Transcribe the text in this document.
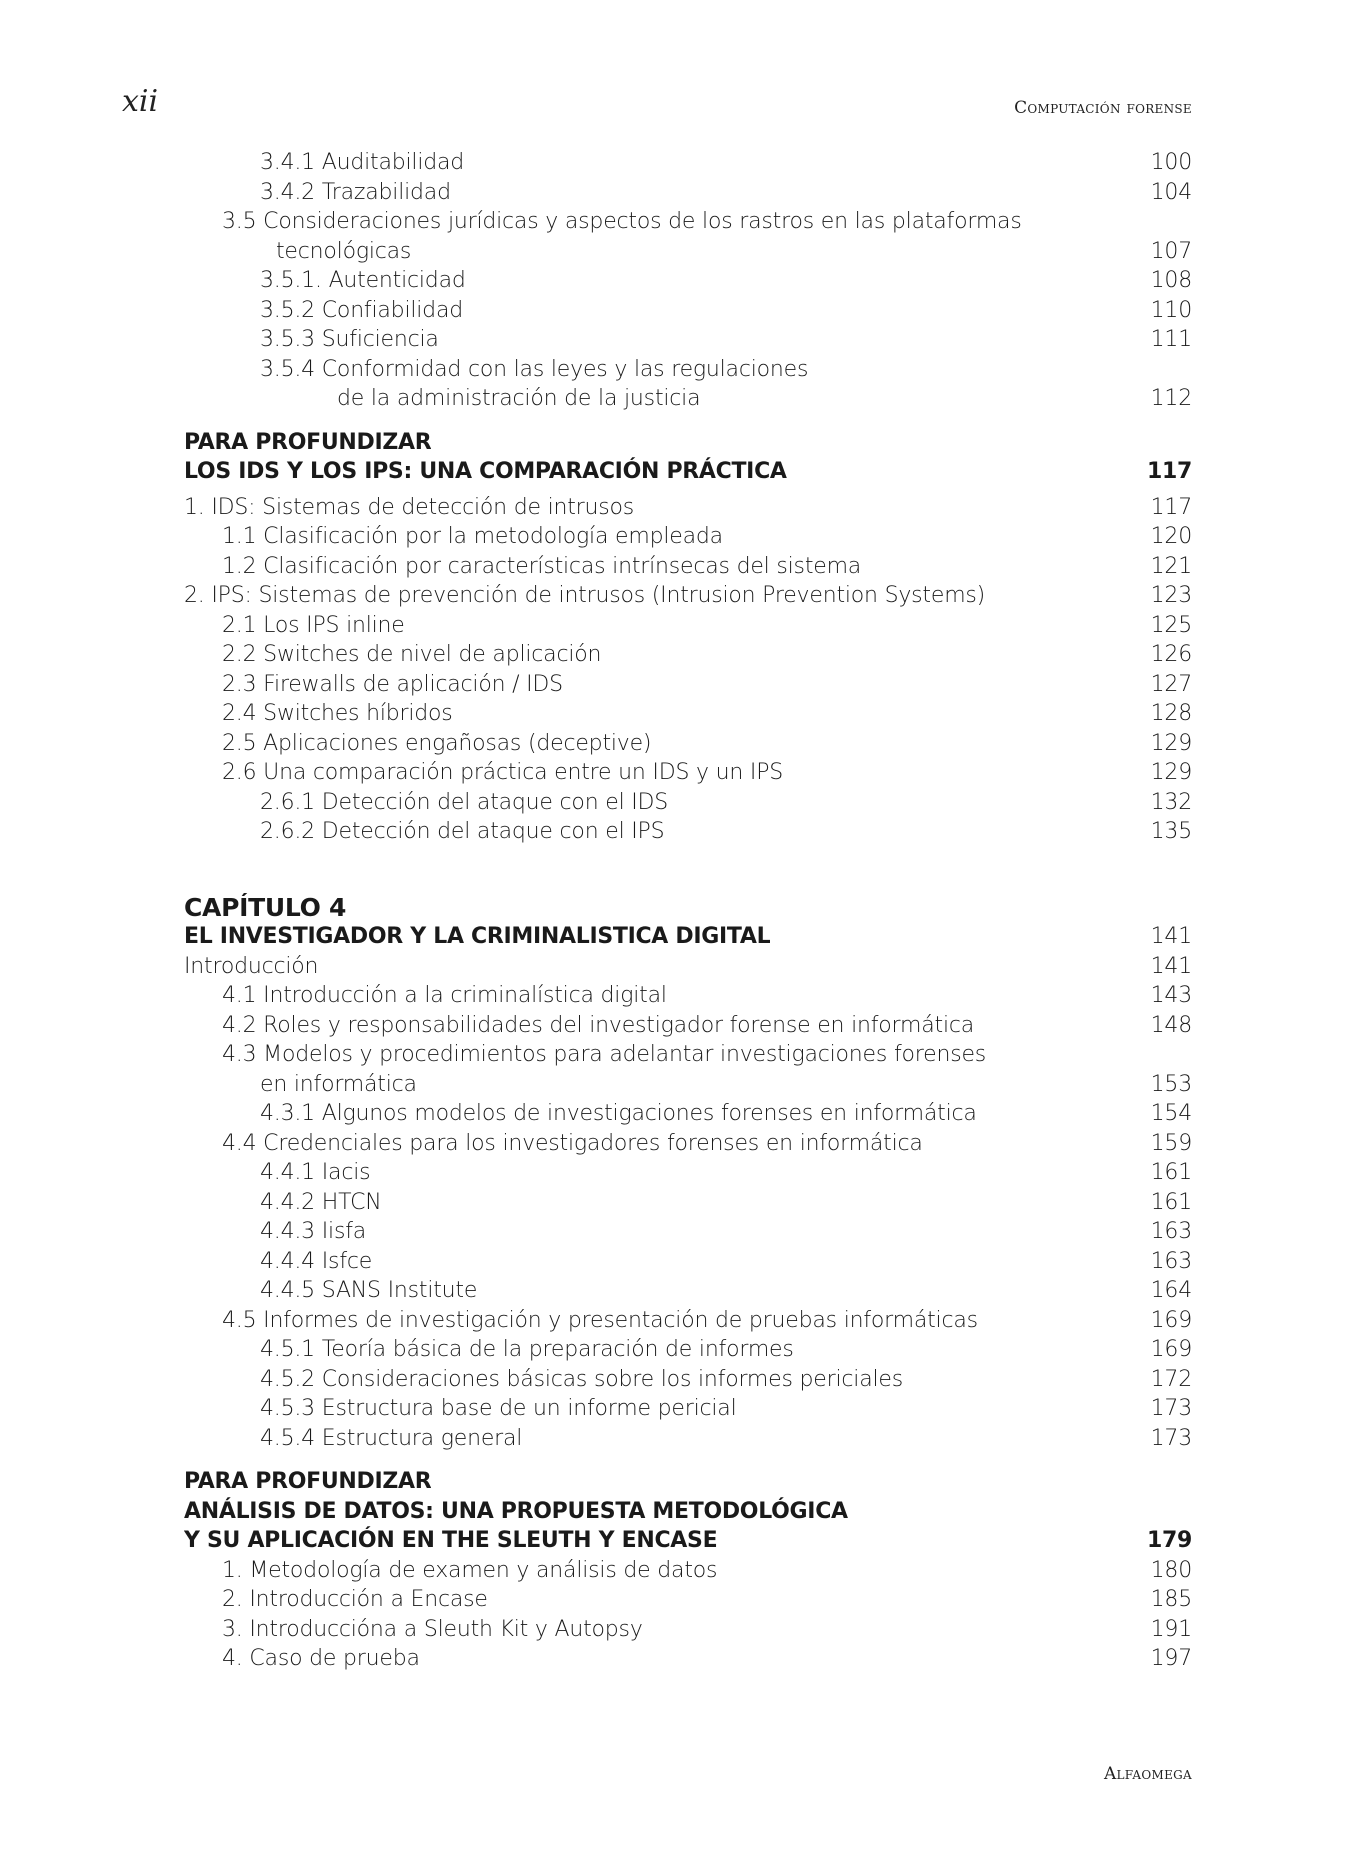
xii	Computación forense
3.4.1 Auditabilidad	100
3.4.2 Trazabilidad	104
3.5 Consideraciones jurídicas y aspectos de los rastros en las plataformas
tecnológicas	107
3.5.1. Autenticidad	108
3.5.2 Confiabilidad	110
3.5.3 Suficiencia	111
3.5.4 Conformidad con las leyes y las regulaciones
de la administración de la justicia	112
PARA PROFUNDIZAR
LOS IDS Y LOS IPS: UNA COMPARACIÓN PRÁCTICA	117
1. IDS: Sistemas de detección de intrusos	117
1.1 Clasificación por la metodología empleada	120
1.2 Clasificación por características intrínsecas del sistema	121
2. IPS: Sistemas de prevención de intrusos (Intrusion Prevention Systems)	123
2.1 Los IPS inline	125
2.2 Switches de nivel de aplicación	126
2.3 Firewalls de aplicación / IDS	127
2.4 Switches híbridos	128
2.5 Aplicaciones engañosas (deceptive)	129
2.6 Una comparación práctica entre un IDS y un IPS	129
2.6.1 Detección del ataque con el IDS	132
2.6.2 Detección del ataque con el IPS	135
CAPÍTULO 4
EL INVESTIGADOR Y LA CRIMINALISTICA DIGITAL	141
Introducción	141
4.1 Introducción a la criminalística digital	143
4.2 Roles y responsabilidades del investigador forense en informática	148
4.3 Modelos y procedimientos para adelantar investigaciones forenses
en informática	153
4.3.1 Algunos modelos de investigaciones forenses en informática	154
4.4 Credenciales para los investigadores forenses en informática	159
4.4.1 Iacis	161
4.4.2 HTCN	161
4.4.3 Iisfa	163
4.4.4 Isfce	163
4.4.5 SANS Institute	164
4.5 Informes de investigación y presentación de pruebas informáticas	169
4.5.1 Teoría básica de la preparación de informes	169
4.5.2 Consideraciones básicas sobre los informes periciales	172
4.5.3 Estructura base de un informe pericial	173
4.5.4 Estructura general	173
PARA PROFUNDIZAR
ANÁLISIS DE DATOS: UNA PROPUESTA METODOLÓGICA
Y SU APLICACIÓN EN THE SLEUTH Y ENCASE	179
1. Metodología de examen y análisis de datos	180
2. Introducción a Encase	185
3. Introducciónа a Sleuth Kit y Autopsy	191
4. Caso de prueba	197
Alfaomega
